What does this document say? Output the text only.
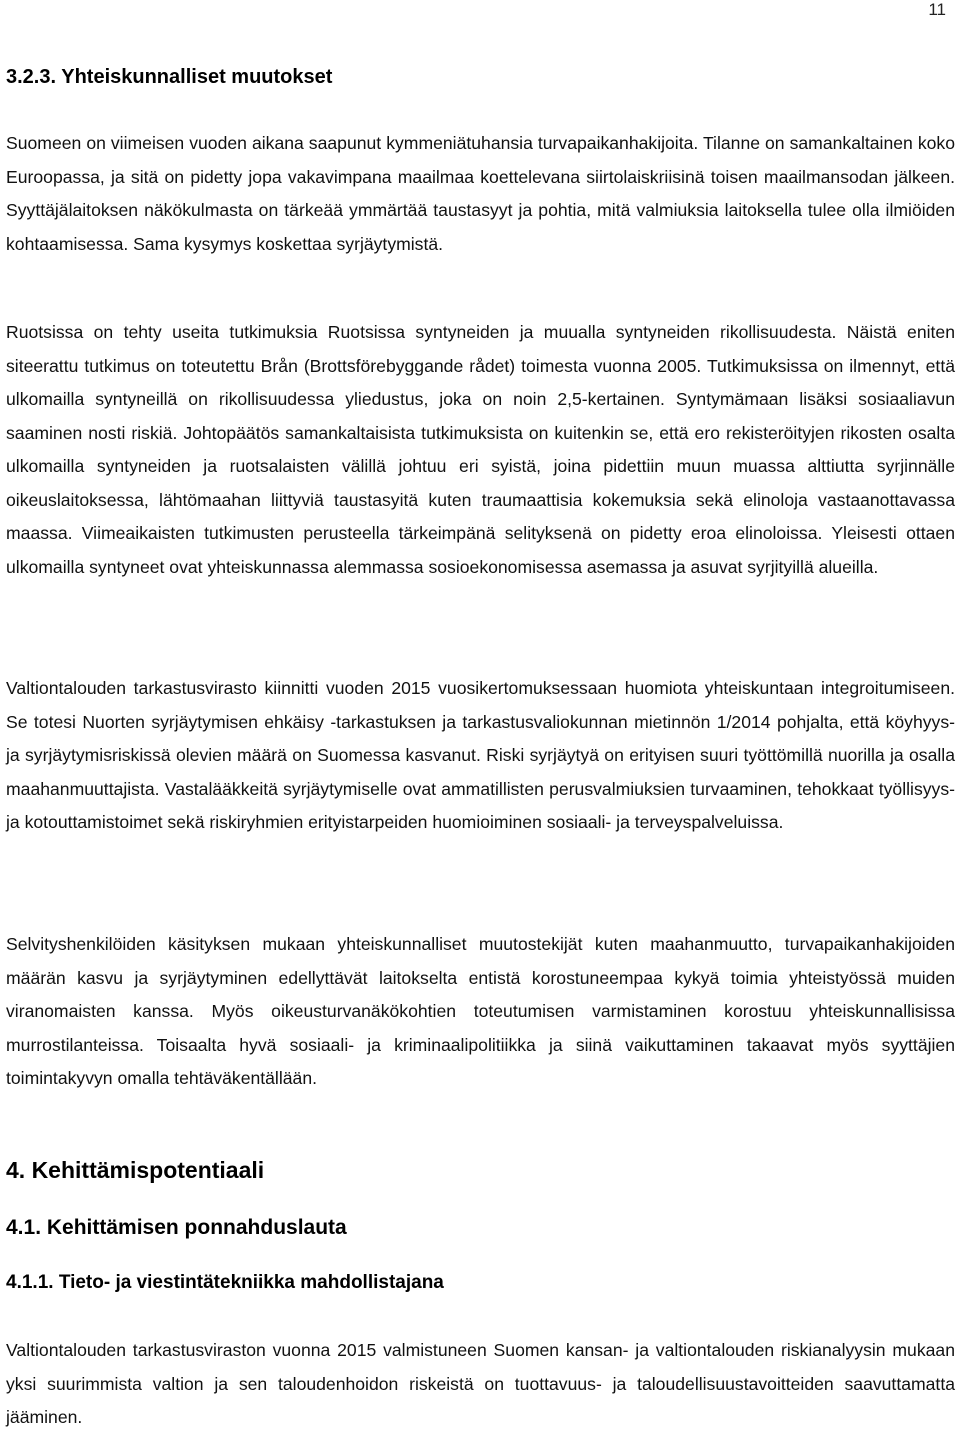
11
3.2.3. Yhteiskunnalliset muutokset

Suomeen on viimeisen vuoden aikana saapunut kymmeniätuhansia turvapaikanhakijoita. Tilanne on samankaltainen koko Euroopassa, ja sitä on pidetty jopa vakavimpana maailmaa koettelevana siirtolaiskriisinä toisen maailmansodan jälkeen. Syyttäjälaitoksen näkökulmasta on tärkeää ymmärtää taustasyyt ja pohtia, mitä valmiuksia laitoksella tulee olla ilmiöiden kohtaamisessa. Sama kysymys koskettaa syrjäytymistä.

Ruotsissa on tehty useita tutkimuksia Ruotsissa syntyneiden ja muualla syntyneiden rikollisuudesta. Näistä eniten siteerattu tutkimus on toteutettu Brån (Brottsförebyggande rådet) toimesta vuonna 2005. Tutkimuksissa on ilmennyt, että ulkomailla syntyneillä on rikollisuudessa yliedustus, joka on noin 2,5-kertainen. Syntymämaan lisäksi sosiaaliavun saaminen nosti riskiä. Johtopäätös samankaltaisista tutkimuksista on kuitenkin se, että ero rekisteröityjen rikosten osalta ulkomailla syntyneiden ja ruotsalaisten välillä johtuu eri syistä, joina pidettiin muun muassa alttiutta syrjinnälle oikeuslaitoksessa, lähtömaahan liittyviä taustasyitä kuten traumaattisia kokemuksia sekä elinoloja vastaanottavassa maassa. Viimeaikaisten tutkimusten perusteella tärkeimpänä selityksenä on pidetty eroa elinoloissa. Yleisesti ottaen ulkomailla syntyneet ovat yhteiskunnassa alemmassa sosioekonomisessa asemassa ja asuvat syrjityillä alueilla.

Valtiontalouden tarkastusvirasto kiinnitti vuoden 2015 vuosikertomuksessaan huomiota yhteiskuntaan integroitumiseen. Se totesi Nuorten syrjäytymisen ehkäisy -tarkastuksen ja tarkastusvaliokunnan mietinnön 1/2014 pohjalta, että köyhyys- ja syrjäytymisriskissä olevien määrä on Suomessa kasvanut. Riski syrjäytyä on erityisen suuri työttömillä nuorilla ja osalla maahanmuuttajista. Vastalääkkeitä syrjäytymiselle ovat ammatillisten perusvalmiuksien turvaaminen, tehokkaat työllisyys- ja kotouttamistoimet sekä riskiryhmien erityistarpeiden huomioiminen sosiaali- ja terveyspalveluissa.

Selvityshenkilöiden käsityksen mukaan yhteiskunnalliset muutostekijät kuten maahanmuutto, turvapaikanhakijoiden määrän kasvu ja syrjäytyminen edellyttävät laitokselta entistä korostuneempaa kykyä toimia yhteistyössä muiden viranomaisten kanssa. Myös oikeusturvanäkökohtien toteutumisen varmistaminen korostuu yhteiskunnallisissa murrostilanteissa. Toisaalta hyvä sosiaali- ja kriminaalipolitiikka ja siinä vaikuttaminen takaavat myös syyttäjien toimintakyvyn omalla tehtäväkentällään.

4. Kehittämispotentiaali
4.1. Kehittämisen ponnahduslauta
4.1.1. Tieto- ja viestintätekniikka mahdollistajana

Valtiontalouden tarkastusviraston vuonna 2015 valmistuneen Suomen kansan- ja valtiontalouden riskianalyysin mukaan yksi suurimmista valtion ja sen taloudenhoidon riskeistä on tuottavuus- ja taloudellisuustavoitteiden saavuttamatta jääminen.
